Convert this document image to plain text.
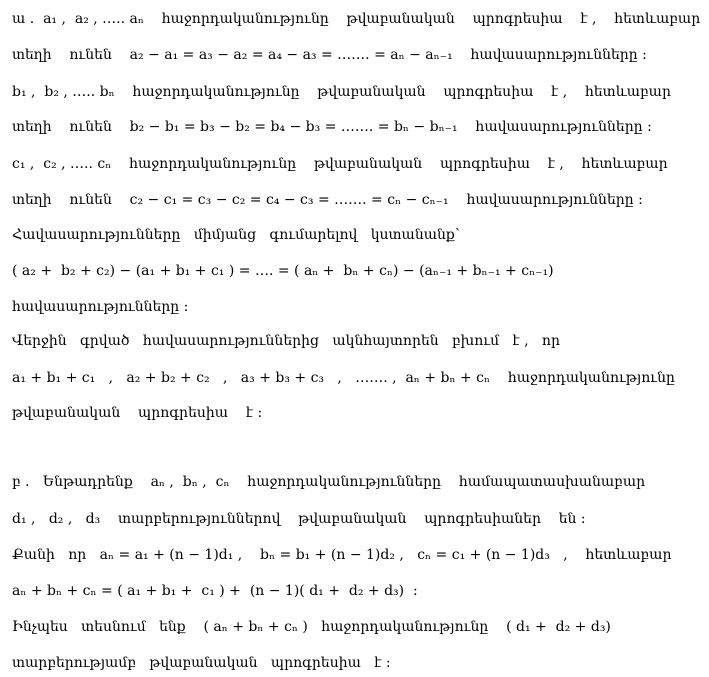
ա .  a₁ ,  a₂ , ….. aₙ    հաջորդականությունը    թվաբանական    պրոգրեսիա    է ,    հետևաբար
տեղի    ունեն    a₂ − a₁ = a₃ − a₂ = a₄ − a₃ = ……. = aₙ − aₙ₋₁    հավասարությունները :
b₁ ,  b₂ , ….. bₙ    հաջորդականությունը    թվաբանական    պրոգրեսիա    է ,    հետևաբար
տեղի    ունեն    b₂ − b₁ = b₃ − b₂ = b₄ − b₃ = ……. = bₙ − bₙ₋₁    հավասարությունները :
c₁ ,  c₂ , ….. cₙ    հաջորդականությունը    թվաբանական    պրոգրեսիա    է ,    հետևաբար
տեղի    ունեն    c₂ − c₁ = c₃ − c₂ = c₄ − c₃ = ……. = cₙ − cₙ₋₁    հավասարությունները :
Հավասարությունները   միմյանց   գումարելով   կստանանք՝
( a₂ +  b₂ + c₂) − (a₁ + b₁ + c₁ ) = …. = ( aₙ +  bₙ + cₙ) − (aₙ₋₁ + bₙ₋₁ + cₙ₋₁)
հավասարությունները :
Վերջին   գրված   հավասարություններից   ակնհայտորեն   բխում   է ,   որ
a₁ + b₁ + c₁   ,   a₂ + b₂ + c₂   ,   a₃ + b₃ + c₃   ,   ……. ,  aₙ + bₙ + cₙ    հաջորդականությունը
թվաբանական    պրոգրեսիա    է :
բ .   Ենթադրենք    aₙ ,  bₙ ,  cₙ    հաջորդականությունները    համապատասխանաբար
d₁ ,   d₂ ,   d₃    տարբերություններով    թվաբանական    պրոգրեսիաներ    են :
Քանի   որ   aₙ = a₁ + (n − 1)d₁ ,    bₙ = b₁ + (n − 1)d₂ ,   cₙ = c₁ + (n − 1)d₃   ,    հետևաբար
aₙ + bₙ + cₙ = ( a₁ + b₁ +  c₁ ) +  (n − 1)( d₁ +  d₂ + d₃)  :
Ինչպես   տեսնում   ենք    ( aₙ + bₙ + cₙ )   հաջորդականությունը    ( d₁ +  d₂ + d₃)
տարբերությամբ   թվաբանական   պրոգրեսիա   է :
